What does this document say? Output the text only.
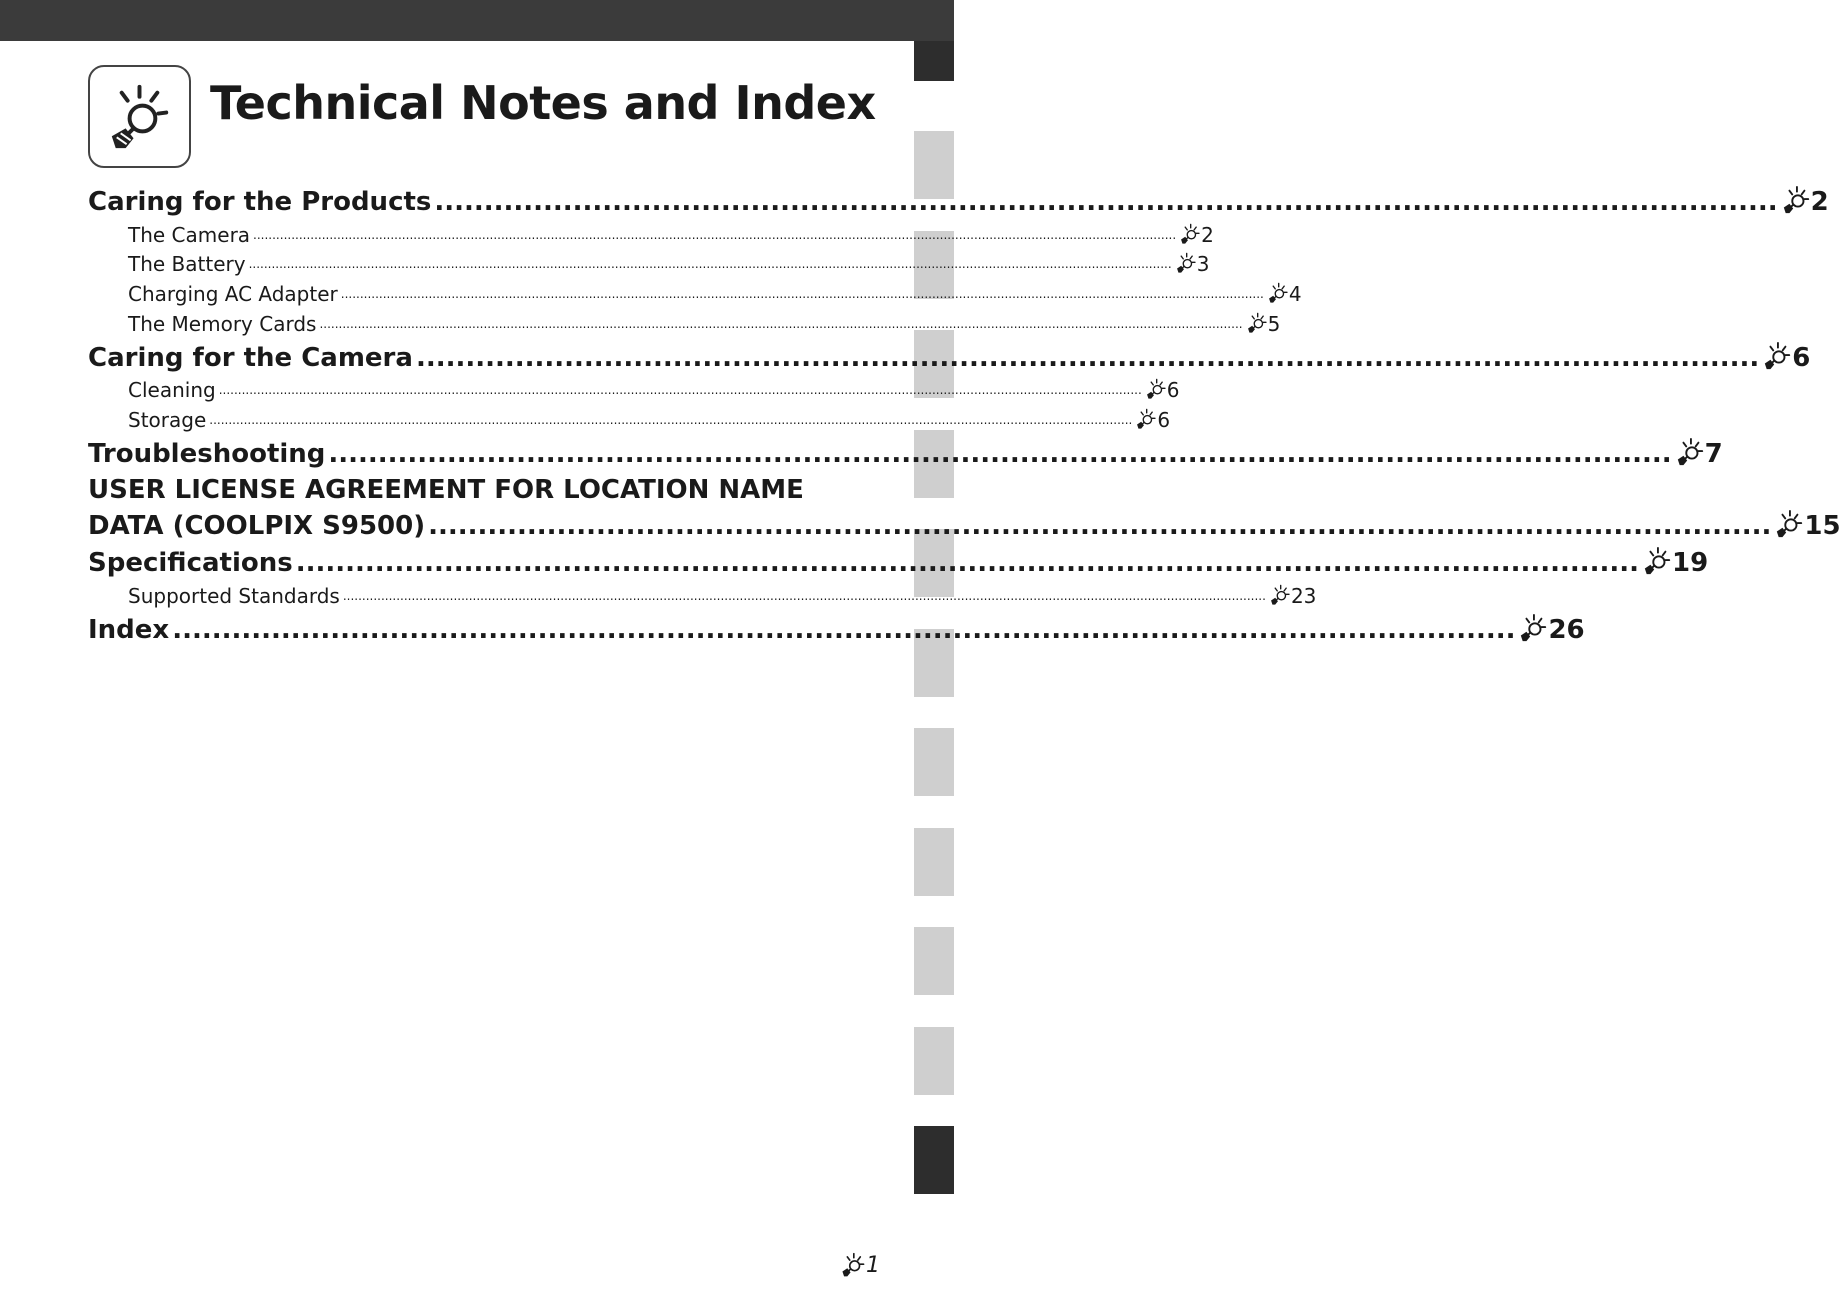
Technical Notes and Index
Caring for the Products ........................................................................................................................................ 2
The Camera .................................................................................................................................................................................................................................................. 2
The Battery .................................................................................................................................................................................................................................................. 3
Charging AC Adapter .................................................................................................................................................................................................................................................. 4
The Memory Cards .................................................................................................................................................................................................................................................. 5
Caring for the Camera ........................................................................................................................................ 6
Cleaning .................................................................................................................................................................................................................................................. 6
Storage .................................................................................................................................................................................................................................................. 6
Troubleshooting ........................................................................................................................................ 7
USER LICENSE AGREEMENT FOR LOCATION NAME
DATA (COOLPIX S9500) ........................................................................................................................................ 15
Specifications ........................................................................................................................................ 19
Supported Standards .................................................................................................................................................................................................................................................. 23
Index ........................................................................................................................................ 26
1
